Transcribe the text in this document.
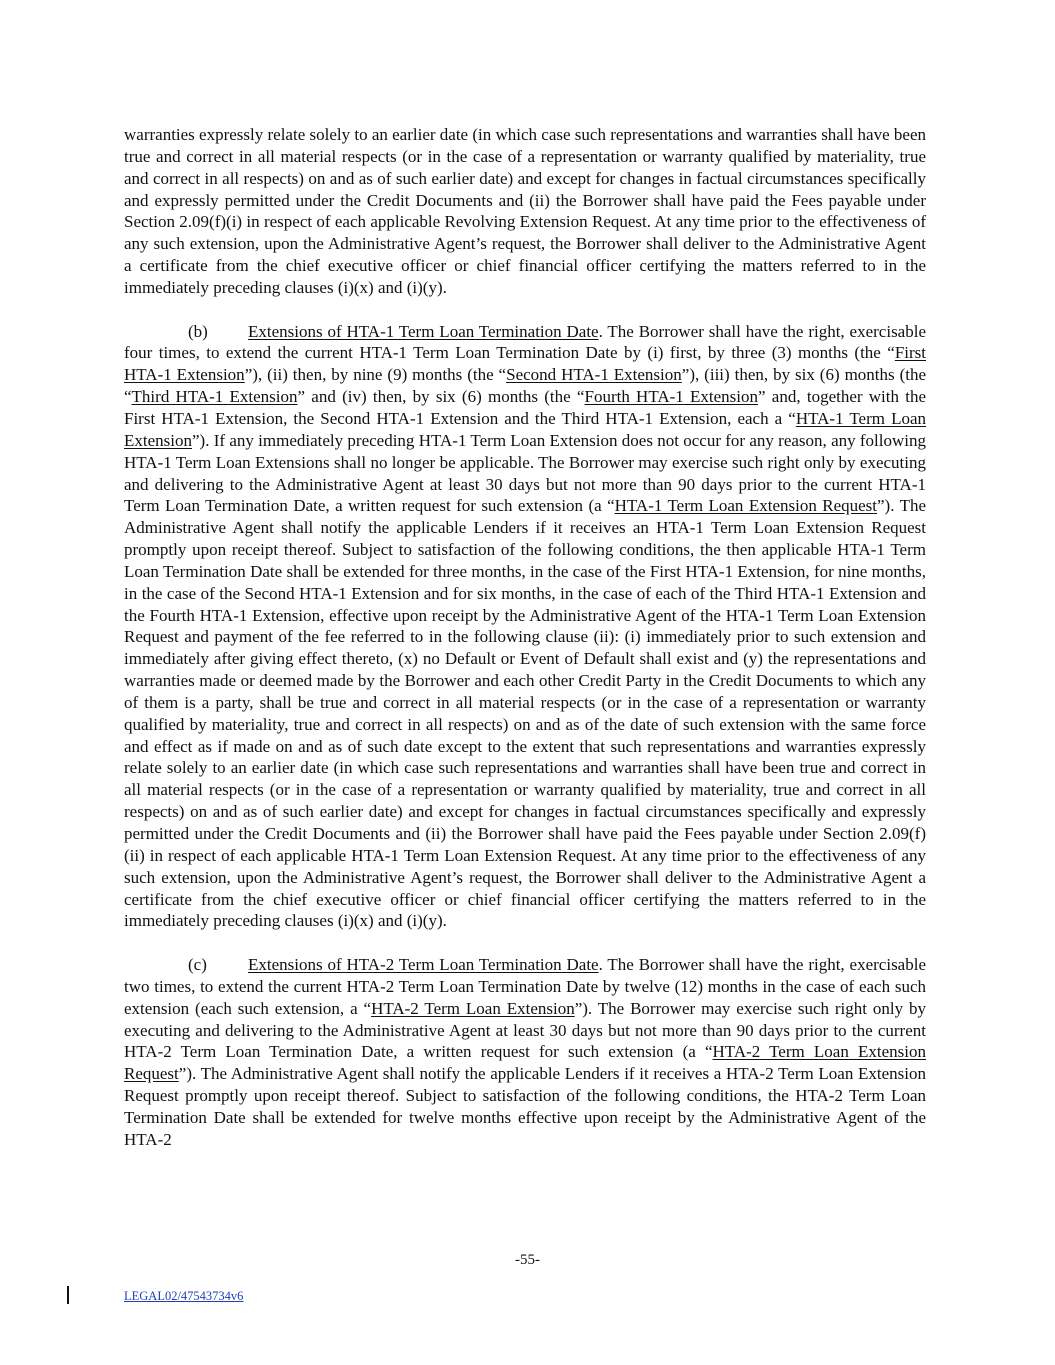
warranties expressly relate solely to an earlier date (in which case such representations and warranties shall have been true and correct in all material respects (or in the case of a representation or warranty qualified by materiality, true and correct in all respects) on and as of such earlier date) and except for changes in factual circumstances specifically and expressly permitted under the Credit Documents and (ii) the Borrower shall have paid the Fees payable under Section 2.09(f)(i) in respect of each applicable Revolving Extension Request. At any time prior to the effectiveness of any such extension, upon the Administrative Agent’s request, the Borrower shall deliver to the Administrative Agent a certificate from the chief executive officer or chief financial officer certifying the matters referred to in the immediately preceding clauses (i)(x) and (i)(y).

(b) Extensions of HTA-1 Term Loan Termination Date. The Borrower shall have the right, exercisable four times, to extend the current HTA-1 Term Loan Termination Date by (i) first, by three (3) months (the “First HTA-1 Extension”), (ii) then, by nine (9) months (the “Second HTA-1 Extension”), (iii) then, by six (6) months (the “Third HTA-1 Extension” and (iv) then, by six (6) months (the “Fourth HTA-1 Extension” and, together with the First HTA-1 Extension, the Second HTA-1 Extension and the Third HTA-1 Extension, each a “HTA-1 Term Loan Extension”). If any immediately preceding HTA-1 Term Loan Extension does not occur for any reason, any following HTA-1 Term Loan Extensions shall no longer be applicable. The Borrower may exercise such right only by executing and delivering to the Administrative Agent at least 30 days but not more than 90 days prior to the current HTA-1 Term Loan Termination Date, a written request for such extension (a “HTA-1 Term Loan Extension Request”). The Administrative Agent shall notify the applicable Lenders if it receives an HTA-1 Term Loan Extension Request promptly upon receipt thereof. Subject to satisfaction of the following conditions, the then applicable HTA-1 Term Loan Termination Date shall be extended for three months, in the case of the First HTA-1 Extension, for nine months, in the case of the Second HTA-1 Extension and for six months, in the case of each of the Third HTA-1 Extension and the Fourth HTA-1 Extension, effective upon receipt by the Administrative Agent of the HTA-1 Term Loan Extension Request and payment of the fee referred to in the following clause (ii): (i) immediately prior to such extension and immediately after giving effect thereto, (x) no Default or Event of Default shall exist and (y) the representations and warranties made or deemed made by the Borrower and each other Credit Party in the Credit Documents to which any of them is a party, shall be true and correct in all material respects (or in the case of a representation or warranty qualified by materiality, true and correct in all respects) on and as of the date of such extension with the same force and effect as if made on and as of such date except to the extent that such representations and warranties expressly relate solely to an earlier date (in which case such representations and warranties shall have been true and correct in all material respects (or in the case of a representation or warranty qualified by materiality, true and correct in all respects) on and as of such earlier date) and except for changes in factual circumstances specifically and expressly permitted under the Credit Documents and (ii) the Borrower shall have paid the Fees payable under Section 2.09(f)(ii) in respect of each applicable HTA-1 Term Loan Extension Request. At any time prior to the effectiveness of any such extension, upon the Administrative Agent’s request, the Borrower shall deliver to the Administrative Agent a certificate from the chief executive officer or chief financial officer certifying the matters referred to in the immediately preceding clauses (i)(x) and (i)(y).

(c) Extensions of HTA-2 Term Loan Termination Date. The Borrower shall have the right, exercisable two times, to extend the current HTA-2 Term Loan Termination Date by twelve (12) months in the case of each such extension (each such extension, a “HTA-2 Term Loan Extension”). The Borrower may exercise such right only by executing and delivering to the Administrative Agent at least 30 days but not more than 90 days prior to the current HTA-2 Term Loan Termination Date, a written request for such extension (a “HTA-2 Term Loan Extension Request”). The Administrative Agent shall notify the applicable Lenders if it receives a HTA-2 Term Loan Extension Request promptly upon receipt thereof. Subject to satisfaction of the following conditions, the HTA-2 Term Loan Termination Date shall be extended for twelve months effective upon receipt by the Administrative Agent of the HTA-2

-55-
LEGAL02/47543734v6
